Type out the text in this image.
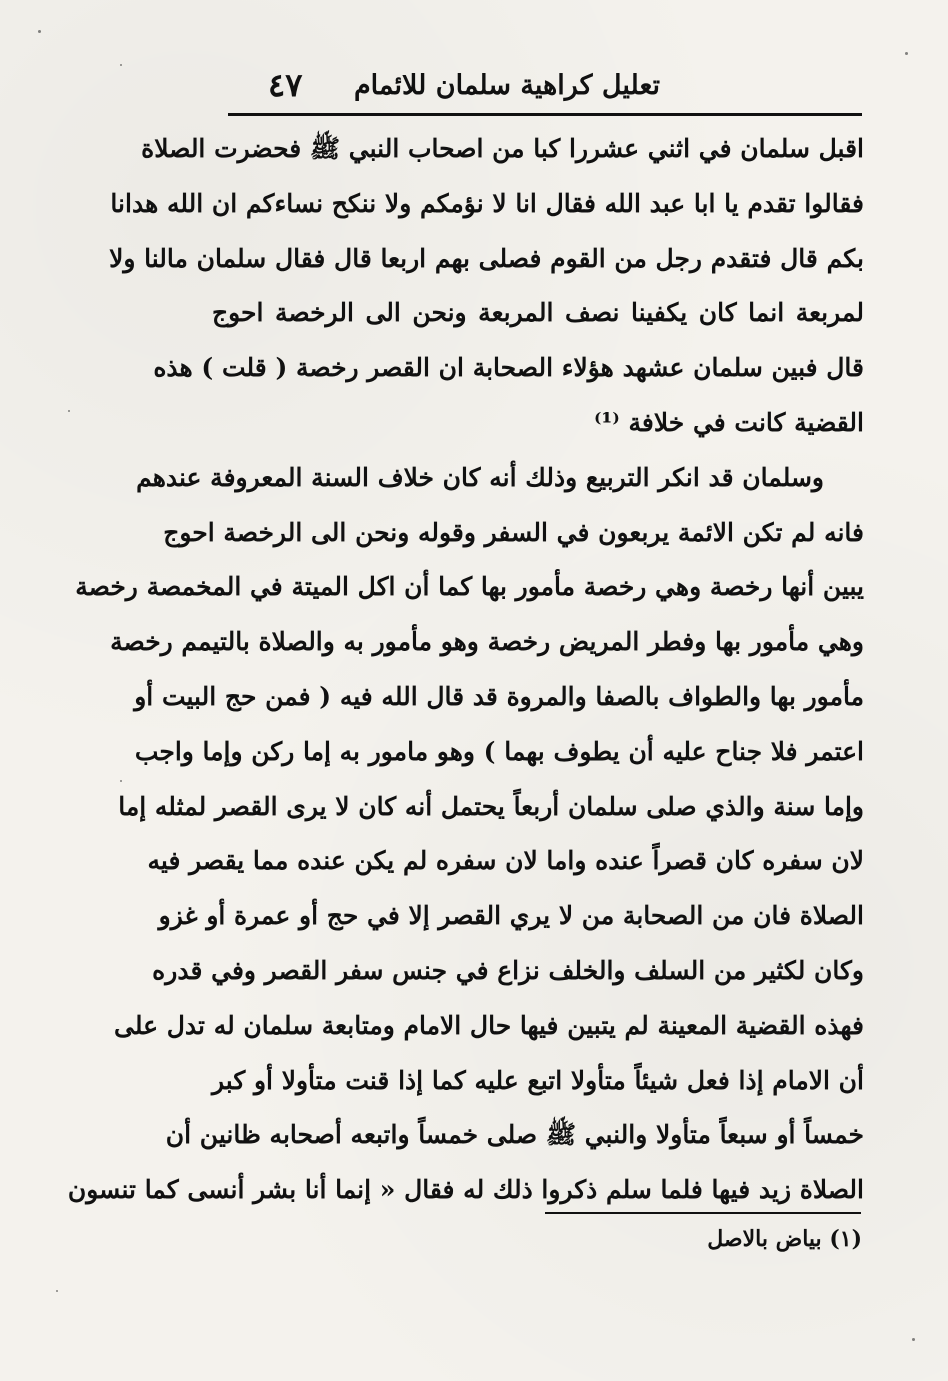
تعليل كراهية سلمان للائمام
٤٧
اقبل سلمان في اثني عشررا كبا من اصحاب النبي ﷺ فحضرت الصلاة
فقالوا تقدم يا ابا عبد الله فقال انا لا نؤمكم ولا ننكح نساءكم ان الله هدانا
بكم قال فتقدم رجل من القوم فصلى بهم اربعا قال فقال سلمان مالنا ولا
لمربعة انما كان يكفينا نصف المربعة ونحن الى الرخصة احوج
قال فبين سلمان عشهد هؤلاء الصحابة ان القصر رخصة ( قلت ) هذه
القضية كانت في خلافة ⁽¹⁾
وسلمان قد انكر التربيع وذلك أنه كان خلاف السنة المعروفة عندهم
فانه لم تكن الائمة يربعون في السفر وقوله ونحن الى الرخصة احوج
يبين أنها رخصة وهي رخصة مأمور بها كما أن اكل الميتة في المخمصة رخصة
وهي مأمور بها وفطر المريض رخصة وهو مأمور به والصلاة بالتيمم رخصة
مأمور بها والطواف بالصفا والمروة قد قال الله فيه ( فمن حج البيت أو
اعتمر فلا جناح عليه أن يطوف بهما ) وهو مامور به إما ركن وإما واجب
وإما سنة والذي صلى سلمان أربعاً يحتمل أنه كان لا يرى القصر لمثله إما
لان سفره كان قصراً عنده واما لان سفره لم يكن عنده مما يقصر فيه
الصلاة فان من الصحابة من لا يري القصر إلا في حج أو عمرة أو غزو
وكان لكثير من السلف والخلف نزاع في جنس سفر القصر وفي قدره
فهذه القضية المعينة لم يتبين فيها حال الامام ومتابعة سلمان له تدل على
أن الامام إذا فعل شيئاً متأولا اتبع عليه كما إذا قنت متأولا أو كبر
خمساً أو سبعاً متأولا والنبي ﷺ صلى خمساً واتبعه أصحابه ظانين أن
الصلاة زيد فيها فلما سلم ذكروا ذلك له فقال « إنما أنا بشر أنسى كما تنسون
(١) بياض بالاصل
